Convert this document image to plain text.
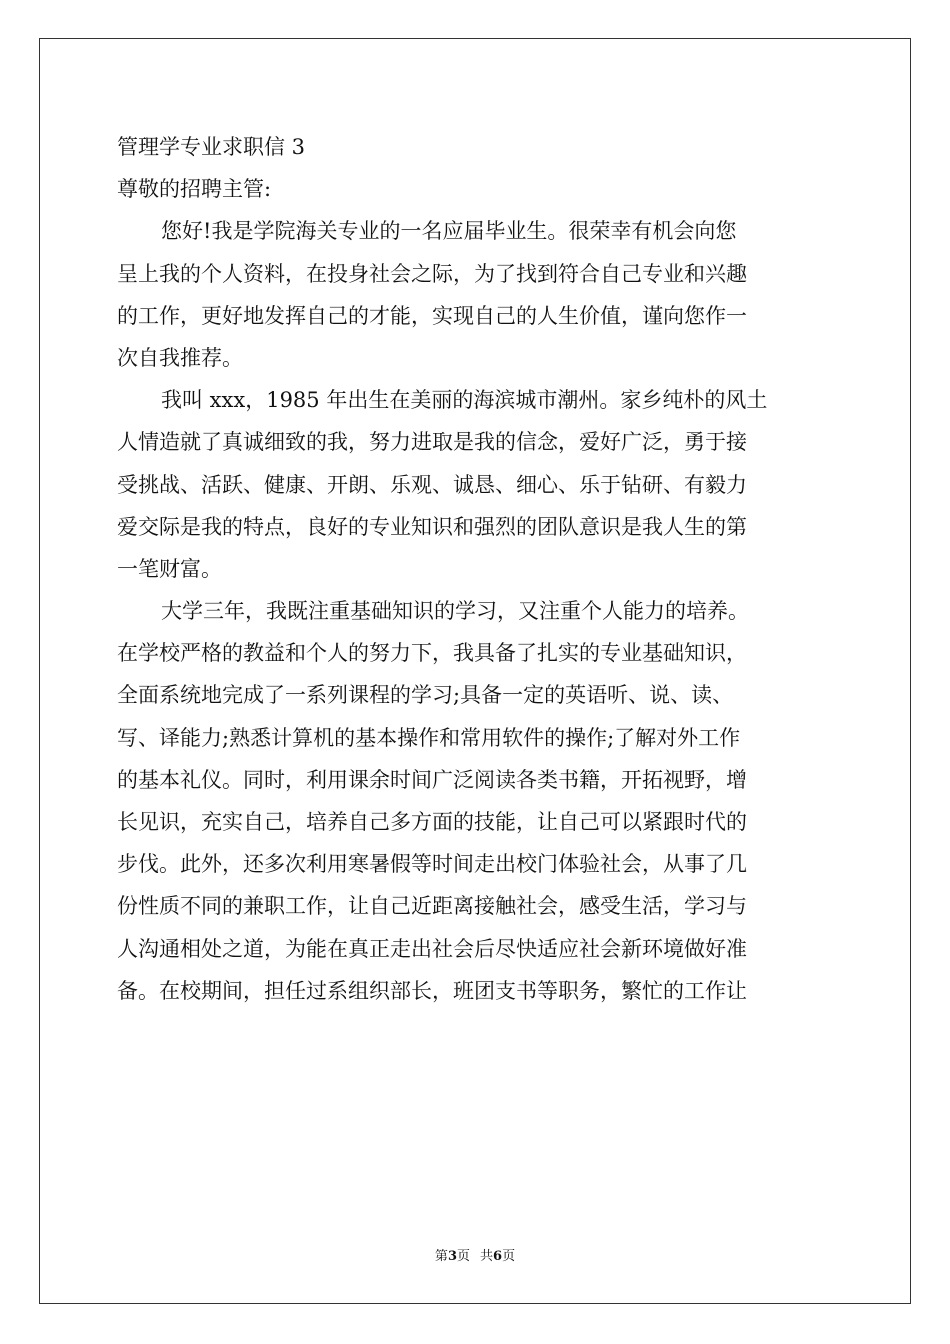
管理学专业求职信 3
尊敬的招聘主管:
您好!我是学院海关专业的一名应届毕业生。很荣幸有机会向您
呈上我的个人资料，在投身社会之际，为了找到符合自己专业和兴趣
的工作，更好地发挥自己的才能，实现自己的人生价值，谨向您作一
次自我推荐。
我叫 xxx，1985 年出生在美丽的海滨城市潮州。家乡纯朴的风土
人情造就了真诚细致的我，努力进取是我的信念，爱好广泛，勇于接
受挑战、活跃、健康、开朗、乐观、诚恳、细心、乐于钻研、有毅力
爱交际是我的特点，良好的专业知识和强烈的团队意识是我人生的第
一笔财富。
大学三年，我既注重基础知识的学习，又注重个人能力的培养。
在学校严格的教益和个人的努力下，我具备了扎实的专业基础知识，
全面系统地完成了一系列课程的学习;具备一定的英语听、说、读、
写、译能力;熟悉计算机的基本操作和常用软件的操作;了解对外工作
的基本礼仪。同时，利用课余时间广泛阅读各类书籍，开拓视野，增
长见识，充实自己，培养自己多方面的技能，让自己可以紧跟时代的
步伐。此外，还多次利用寒暑假等时间走出校门体验社会，从事了几
份性质不同的兼职工作，让自己近距离接触社会，感受生活，学习与
人沟通相处之道，为能在真正走出社会后尽快适应社会新环境做好准
备。在校期间，担任过系组织部长，班团支书等职务，繁忙的工作让
第3页 共6页
